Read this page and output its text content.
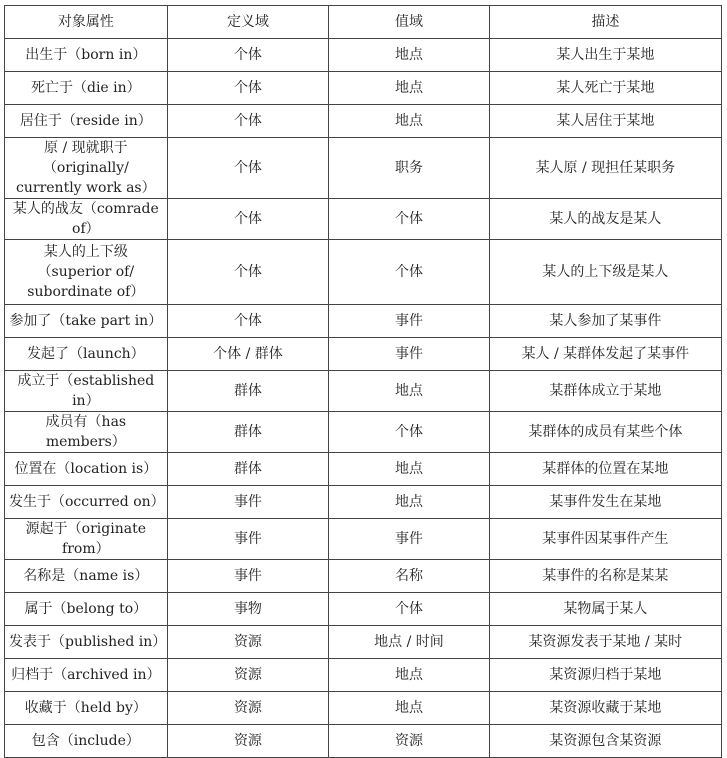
对象属性	定义域	值域	描述
出生于（born in）	个体	地点	某人出生于某地
死亡于（die in）	个体	地点	某人死亡于某地
居住于（reside in）	个体	地点	某人居住于某地
原 / 现就职于（originally/ currently work as）	个体	职务	某人原 / 现担任某职务
某人的战友（comrade of）	个体	个体	某人的战友是某人
某人的上下级（superior of/ subordinate of）	个体	个体	某人的上下级是某人
参加了（take part in）	个体	事件	某人参加了某事件
发起了（launch）	个体 / 群体	事件	某人 / 某群体发起了某事件
成立于（established in）	群体	地点	某群体成立于某地
成员有（has members）	群体	个体	某群体的成员有某些个体
位置在（location is）	群体	地点	某群体的位置在某地
发生于（occurred on）	事件	地点	某事件发生在某地
源起于（originate from）	事件	事件	某事件因某事件产生
名称是（name is）	事件	名称	某事件的名称是某某
属于（belong to）	事物	个体	某物属于某人
发表于（published in）	资源	地点 / 时间	某资源发表于某地 / 某时
归档于（archived in）	资源	地点	某资源归档于某地
收藏于（held by）	资源	地点	某资源收藏于某地
包含（include）	资源	资源	某资源包含某资源
